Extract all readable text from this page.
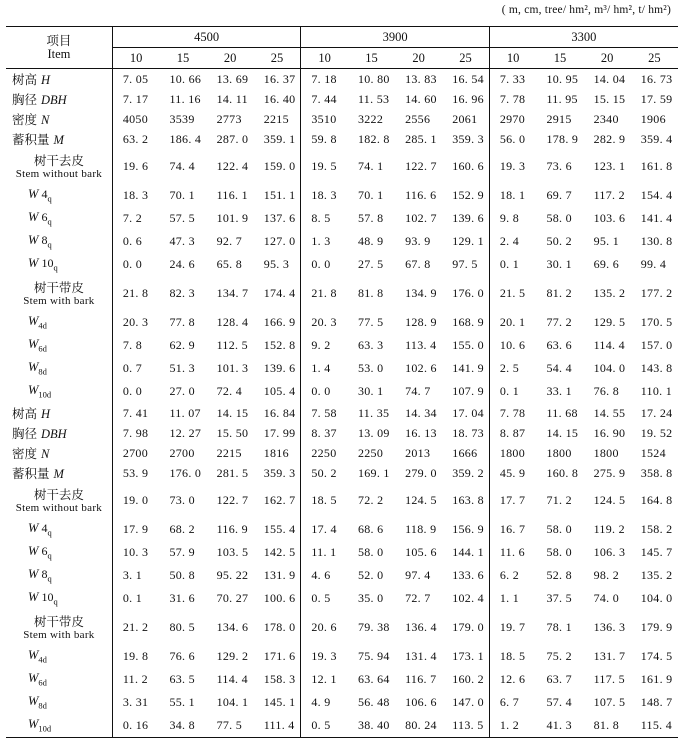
( m, cm, tree/ hm², m³/ hm², t/ hm²)
项目
Item	4500				3900				3300			
	10	15	20	25	10	15	20	25	10	15	20	25
树高 H	7. 05	10. 66	13. 69	16. 37	7. 18	10. 80	13. 83	16. 54	7. 33	10. 95	14. 04	16. 73
胸径 DBH	7. 17	11. 16	14. 11	16. 40	7. 44	11. 53	14. 60	16. 96	7. 78	11. 95	15. 15	17. 59
密度 N	4050	3539	2773	2215	3510	3222	2556	2061	2970	2915	2340	1906
蓄积量 M	63. 2	186. 4	287. 0	359. 1	59. 8	182. 8	285. 1	359. 3	56. 0	178. 9	282. 9	359. 4

树干去皮
Stem without bark	19. 6	74. 4	122. 4	159. 0	19. 5	74. 1	122. 7	160. 6	19. 3	73. 6	123. 1	161. 8
W $4_q$	18. 3	70. 1	116. 1	151. 1	18. 3	70. 1	116. 6	152. 9	18. 1	69. 7	117. 2	154. 4
W $6_q$	7. 2	57. 5	101. 9	137. 6	8. 5	57. 8	102. 7	139. 6	9. 8	58. 0	103. 6	141. 4
W $8_q$	0. 6	47. 3	92. 7	127. 0	1. 3	48. 9	93. 9	129. 1	2. 4	50. 2	95. 1	130. 8
W $10_q$	0. 0	24. 6	65. 8	95. 3	0. 0	27. 5	67. 8	97. 5	0. 1	30. 1	69. 6	99. 4

树干带皮
Stem with bark	21. 8	82. 3	134. 7	174. 4	21. 8	81. 8	134. 9	176. 0	21. 5	81. 2	135. 2	177. 2
$W_{4d}$	20. 3	77. 8	128. 4	166. 9	20. 3	77. 5	128. 9	168. 9	20. 1	77. 2	129. 5	170. 5
$W_{6d}$	7. 8	62. 9	112. 5	152. 8	9. 2	63. 3	113. 4	155. 0	10. 6	63. 6	114. 4	157. 0
$W_{8d}$	0. 7	51. 3	101. 3	139. 6	1. 4	53. 0	102. 6	141. 9	2. 5	54. 4	104. 0	143. 8
$W_{10d}$	0. 0	27. 0	72. 4	105. 4	0. 0	30. 1	74. 7	107. 9	0. 1	33. 1	76. 8	110. 1
树高 H	7. 41	11. 07	14. 15	16. 84	7. 58	11. 35	14. 34	17. 04	7. 78	11. 68	14. 55	17. 24
胸径 DBH	7. 98	12. 27	15. 50	17. 99	8. 37	13. 09	16. 13	18. 73	8. 87	14. 15	16. 90	19. 52
密度 N	2700	2700	2215	1816	2250	2250	2013	1666	1800	1800	1800	1524
蓄积量 M	53. 9	176. 0	281. 5	359. 3	50. 2	169. 1	279. 0	359. 2	45. 9	160. 8	275. 9	358. 8

树干去皮
Stem without bark	19. 0	73. 0	122. 7	162. 7	18. 5	72. 2	124. 5	163. 8	17. 7	71. 2	124. 5	164. 8
W $4_q$	17. 9	68. 2	116. 9	155. 4	17. 4	68. 6	118. 9	156. 9	16. 7	58. 0	119. 2	158. 2
W $6_q$	10. 3	57. 9	103. 5	142. 5	11. 1	58. 0	105. 6	144. 1	11. 6	58. 0	106. 3	145. 7
W $8_q$	3. 1	50. 8	95. 22	131. 9	4. 6	52. 0	97. 4	133. 6	6. 2	52. 8	98. 2	135. 2
W $10_q$	0. 1	31. 6	70. 27	100. 6	0. 5	35. 0	72. 7	102. 4	1. 1	37. 5	74. 0	104. 0

树干带皮
Stem with bark	21. 2	80. 5	134. 6	178. 0	20. 6	79. 38	136. 4	179. 0	19. 7	78. 1	136. 3	179. 9
$W_{4d}$	19. 8	76. 6	129. 2	171. 6	19. 3	75. 94	131. 4	173. 1	18. 5	75. 2	131. 7	174. 5
$W_{6d}$	11. 2	63. 5	114. 4	158. 3	12. 1	63. 64	116. 7	160. 2	12. 6	63. 7	117. 5	161. 9
$W_{8d}$	3. 31	55. 1	104. 1	145. 1	4. 9	56. 48	106. 6	147. 0	6. 7	57. 4	107. 5	148. 7
$W_{10d}$	0. 16	34. 8	77. 5	111. 4	0. 5	38. 40	80. 24	113. 5	1. 2	41. 3	81. 8	115. 4
